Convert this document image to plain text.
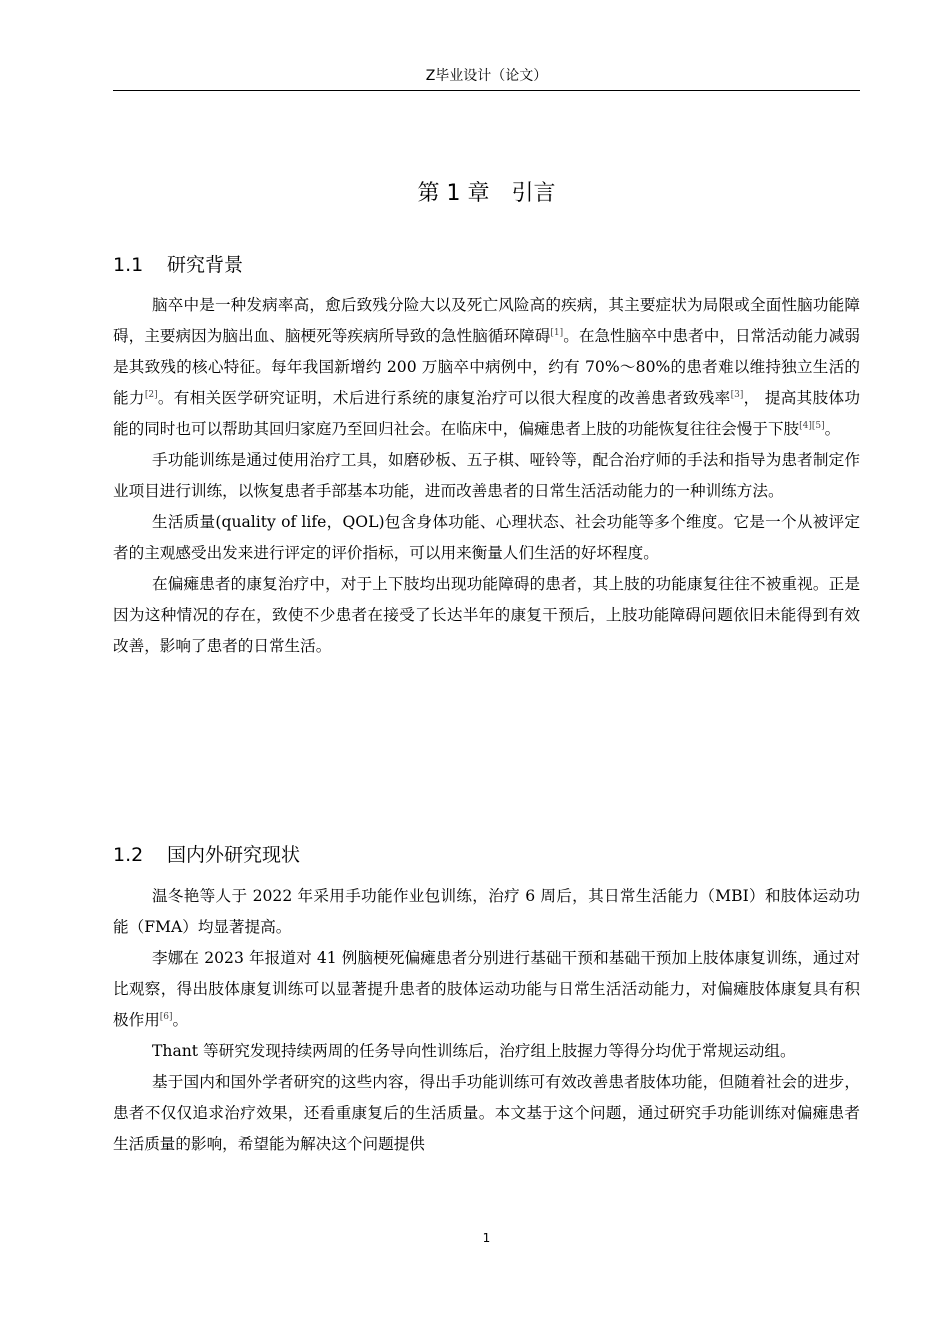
Z毕业设计（论文）
第 1 章 引言
1.1 研究背景

脑卒中是一种发病率高，愈后致残分险大以及死亡风险高的疾病，其主要症状为局限或全面性脑功能障碍，主要病因为脑出血、脑梗死等疾病所导致的急性脑循环障碍[1]。在急性脑卒中患者中，日常活动能力减弱是其致残的核心特征。每年我国新增约 200 万脑卒中病例中，约有 70%～80%的患者难以维持独立生活的能力[2]。有相关医学研究证明，术后进行系统的康复治疗可以很大程度的改善患者致残率[3]， 提高其肢体功能的同时也可以帮助其回归家庭乃至回归社会。在临床中，偏瘫患者上肢的功能恢复往往会慢于下肢[4][5]。

手功能训练是通过使用治疗工具，如磨砂板、五子棋、哑铃等，配合治疗师的手法和指导为患者制定作业项目进行训练，以恢复患者手部基本功能，进而改善患者的日常生活活动能力的一种训练方法。

生活质量(quality of life，QOL)包含身体功能、心理状态、社会功能等多个维度。它是一个从被评定者的主观感受出发来进行评定的评价指标，可以用来衡量人们生活的好坏程度。

在偏瘫患者的康复治疗中，对于上下肢均出现功能障碍的患者，其上肢的功能康复往往不被重视。正是因为这种情况的存在，致使不少患者在接受了长达半年的康复干预后，上肢功能障碍问题依旧未能得到有效改善，影响了患者的日常生活。

1.2 国内外研究现状

温冬艳等人于 2022 年采用手功能作业包训练，治疗 6 周后，其日常生活能力（MBI）和肢体运动功能（FMA）均显著提高。

李娜在 2023 年报道对 41 例脑梗死偏瘫患者分别进行基础干预和基础干预加上肢体康复训练，通过对比观察，得出肢体康复训练可以显著提升患者的肢体运动功能与日常生活活动能力，对偏瘫肢体康复具有积极作用[6]。

Thant 等研究发现持续两周的任务导向性训练后，治疗组上肢握力等得分均优于常规运动组。

基于国内和国外学者研究的这些内容，得出手功能训练可有效改善患者肢体功能，但随着社会的进步，患者不仅仅追求治疗效果，还看重康复后的生活质量。本文基于这个问题，通过研究手功能训练对偏瘫患者生活质量的影响，希望能为解决这个问题提供

1
